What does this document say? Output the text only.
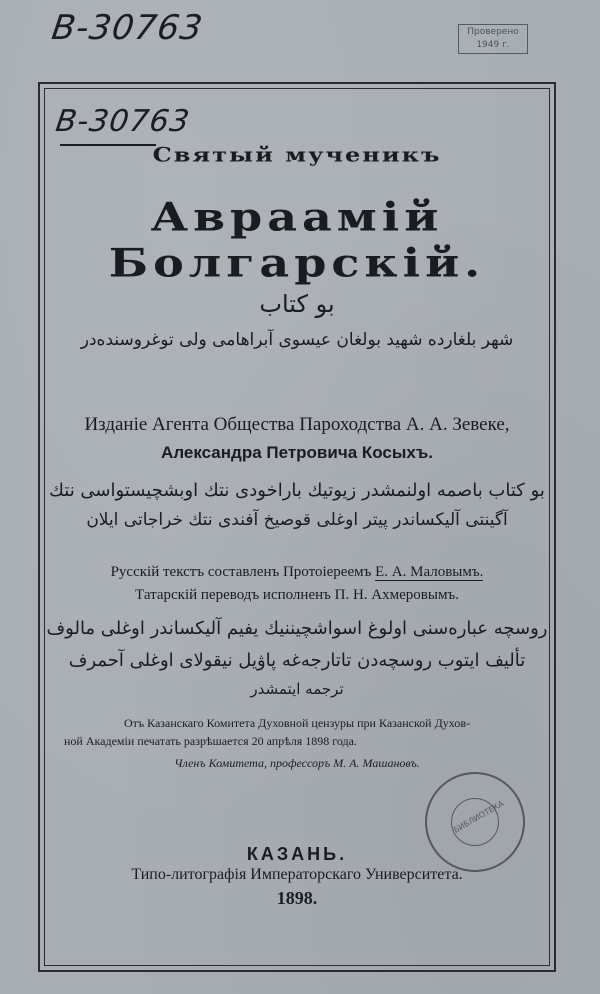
В-30763	Проверено
1949 г.
В-30763
Святый мученикъ
Авраамій Болгарскій.
بو كتاب
شهر بلغارده شهيد بولغان عيسوى آبراهامى ولى توغروسنده‌در
Изданіе Агента Общества Пароходства А. А. Зевеке,
Александра Петровича Косыхъ.
بو كتاب باصمه اولنمشدر زيوتيك باراخودى نتك اوبشچيستواسى نتك
آگينتى آليكساندر پيتر اوغلى قوصيخ آفندى نتك خراجاتى ايلان
Русскій текстъ составленъ Протоіереемъ Е. А. Маловымъ.
Татарскій переводъ исполненъ П. Н. Ахмеровымъ.
روسچه عبارەسنى اولوغ اسواشچيننيك يفيم آليكساندر اوغلى مالوف
تأليف ايتوب روسچەدن تاتارجەغه پاۋيل نيقولاى اوغلى آحمرف
ترجمه ايتمشدر
Отъ Казанскаго Комитета Духовной цензуры при Казанской Духов-
ной Академіи печатать разрѣшается 20 апрѣля 1898 года.
Членъ Комитета, профессоръ М. А. Машановъ.
БИБЛИОТЕКА
КАЗАНЬ.
Типо-литографія Императорскаго Университета.
1898.
